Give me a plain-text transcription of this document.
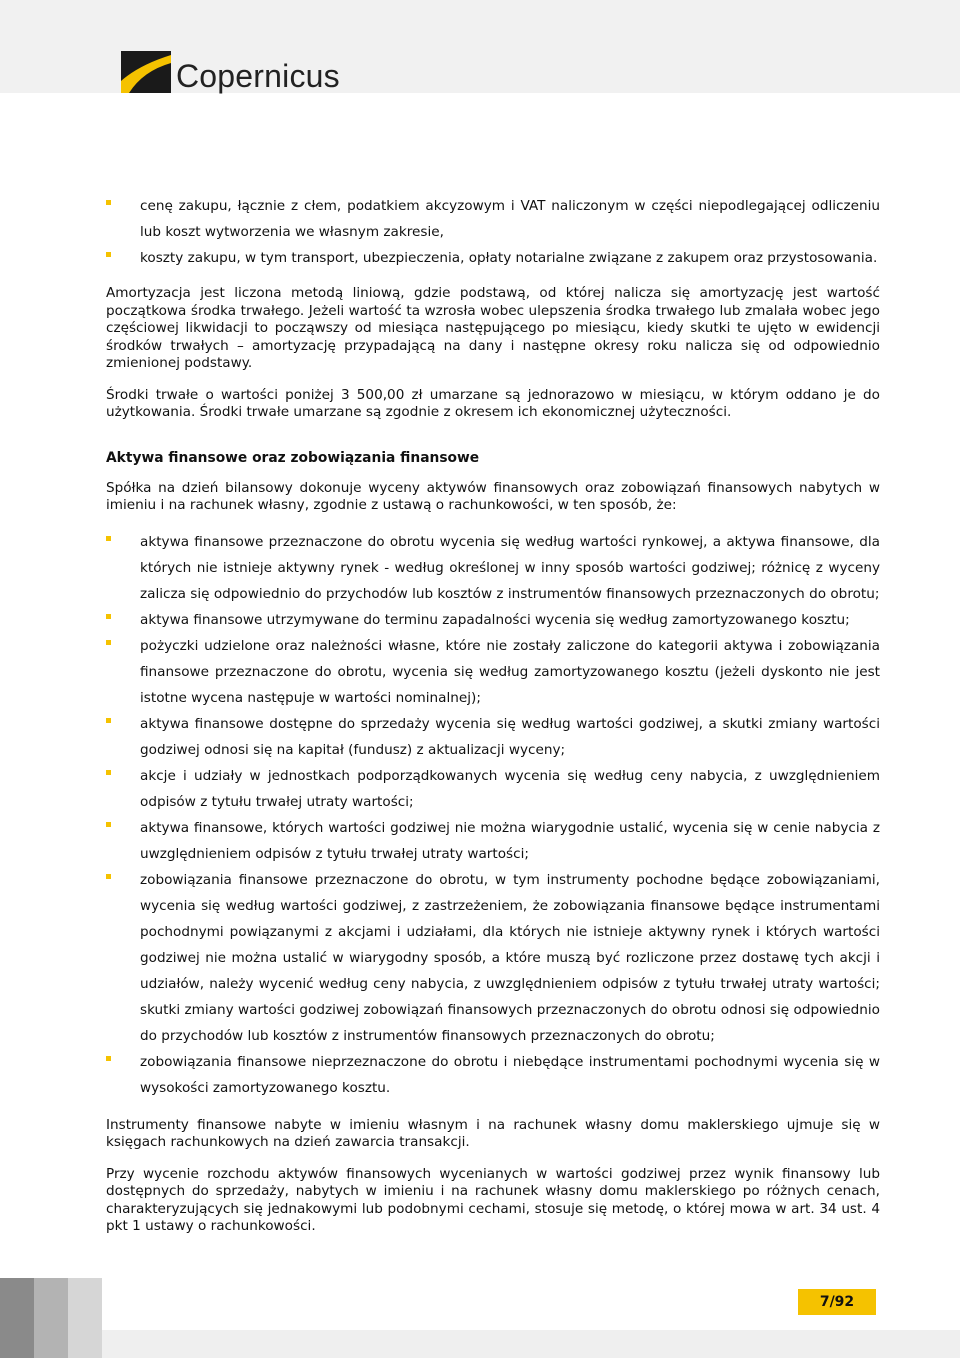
Copernicus
cenę zakupu, łącznie z cłem, podatkiem akcyzowym i VAT naliczonym w części niepodlegającej odliczeniu lub koszt wytworzenia we własnym zakresie,
koszty zakupu, w tym transport, ubezpieczenia, opłaty notarialne związane z zakupem oraz przystosowania.

Amortyzacja jest liczona metodą liniową, gdzie podstawą, od której nalicza się amortyzację jest wartość początkowa środka trwałego. Jeżeli wartość ta wzrosła wobec ulepszenia środka trwałego lub zmalała wobec jego częściowej likwidacji to począwszy od miesiąca następującego po miesiącu, kiedy skutki te ujęto w ewidencji środków trwałych – amortyzację przypadającą na dany i następne okresy roku nalicza się od odpowiednio zmienionej podstawy.

Środki trwałe o wartości poniżej 3 500,00 zł umarzane są jednorazowo w miesiącu, w którym oddano je do użytkowania. Środki trwałe umarzane są zgodnie z okresem ich ekonomicznej użyteczności.

Aktywa finansowe oraz zobowiązania finansowe

Spółka na dzień bilansowy dokonuje wyceny aktywów finansowych oraz zobowiązań finansowych nabytych w imieniu i na rachunek własny, zgodnie z ustawą o rachunkowości, w ten sposób, że:

aktywa finansowe przeznaczone do obrotu wycenia się według wartości rynkowej, a aktywa finansowe, dla których nie istnieje aktywny rynek - według określonej w inny sposób wartości godziwej; różnicę z wyceny zalicza się odpowiednio do przychodów lub kosztów z instrumentów finansowych przeznaczonych do obrotu;
aktywa finansowe utrzymywane do terminu zapadalności wycenia się według zamortyzowanego kosztu;
pożyczki udzielone oraz należności własne, które nie zostały zaliczone do kategorii aktywa i zobowiązania finansowe przeznaczone do obrotu, wycenia się według zamortyzowanego kosztu (jeżeli dyskonto nie jest istotne wycena następuje w wartości nominalnej);
aktywa finansowe dostępne do sprzedaży wycenia się według wartości godziwej, a skutki zmiany wartości godziwej odnosi się na kapitał (fundusz) z aktualizacji wyceny;
akcje i udziały w jednostkach podporządkowanych wycenia się według ceny nabycia, z uwzględnieniem odpisów z tytułu trwałej utraty wartości;
aktywa finansowe, których wartości godziwej nie można wiarygodnie ustalić, wycenia się w cenie nabycia z uwzględnieniem odpisów z tytułu trwałej utraty wartości;
zobowiązania finansowe przeznaczone do obrotu, w tym instrumenty pochodne będące zobowiązaniami, wycenia się według wartości godziwej, z zastrzeżeniem, że zobowiązania finansowe będące instrumentami pochodnymi powiązanymi z akcjami i udziałami, dla których nie istnieje aktywny rynek i których wartości godziwej nie można ustalić w wiarygodny sposób, a które muszą być rozliczone przez dostawę tych akcji i udziałów, należy wycenić według ceny nabycia, z uwzględnieniem odpisów z tytułu trwałej utraty wartości; skutki zmiany wartości godziwej zobowiązań finansowych przeznaczonych do obrotu odnosi się odpowiednio do przychodów lub kosztów z instrumentów finansowych przeznaczonych do obrotu;
zobowiązania finansowe nieprzeznaczone do obrotu i niebędące instrumentami pochodnymi wycenia się w wysokości zamortyzowanego kosztu.

Instrumenty finansowe nabyte w imieniu własnym i na rachunek własny domu maklerskiego ujmuje się w księgach rachunkowych na dzień zawarcia transakcji.

Przy wycenie rozchodu aktywów finansowych wycenianych w wartości godziwej przez wynik finansowy lub dostępnych do sprzedaży, nabytych w imieniu i na rachunek własny domu maklerskiego po różnych cenach, charakteryzujących się jednakowymi lub podobnymi cechami, stosuje się metodę, o której mowa w art. 34 ust. 4 pkt 1 ustawy o rachunkowości.

7/92
